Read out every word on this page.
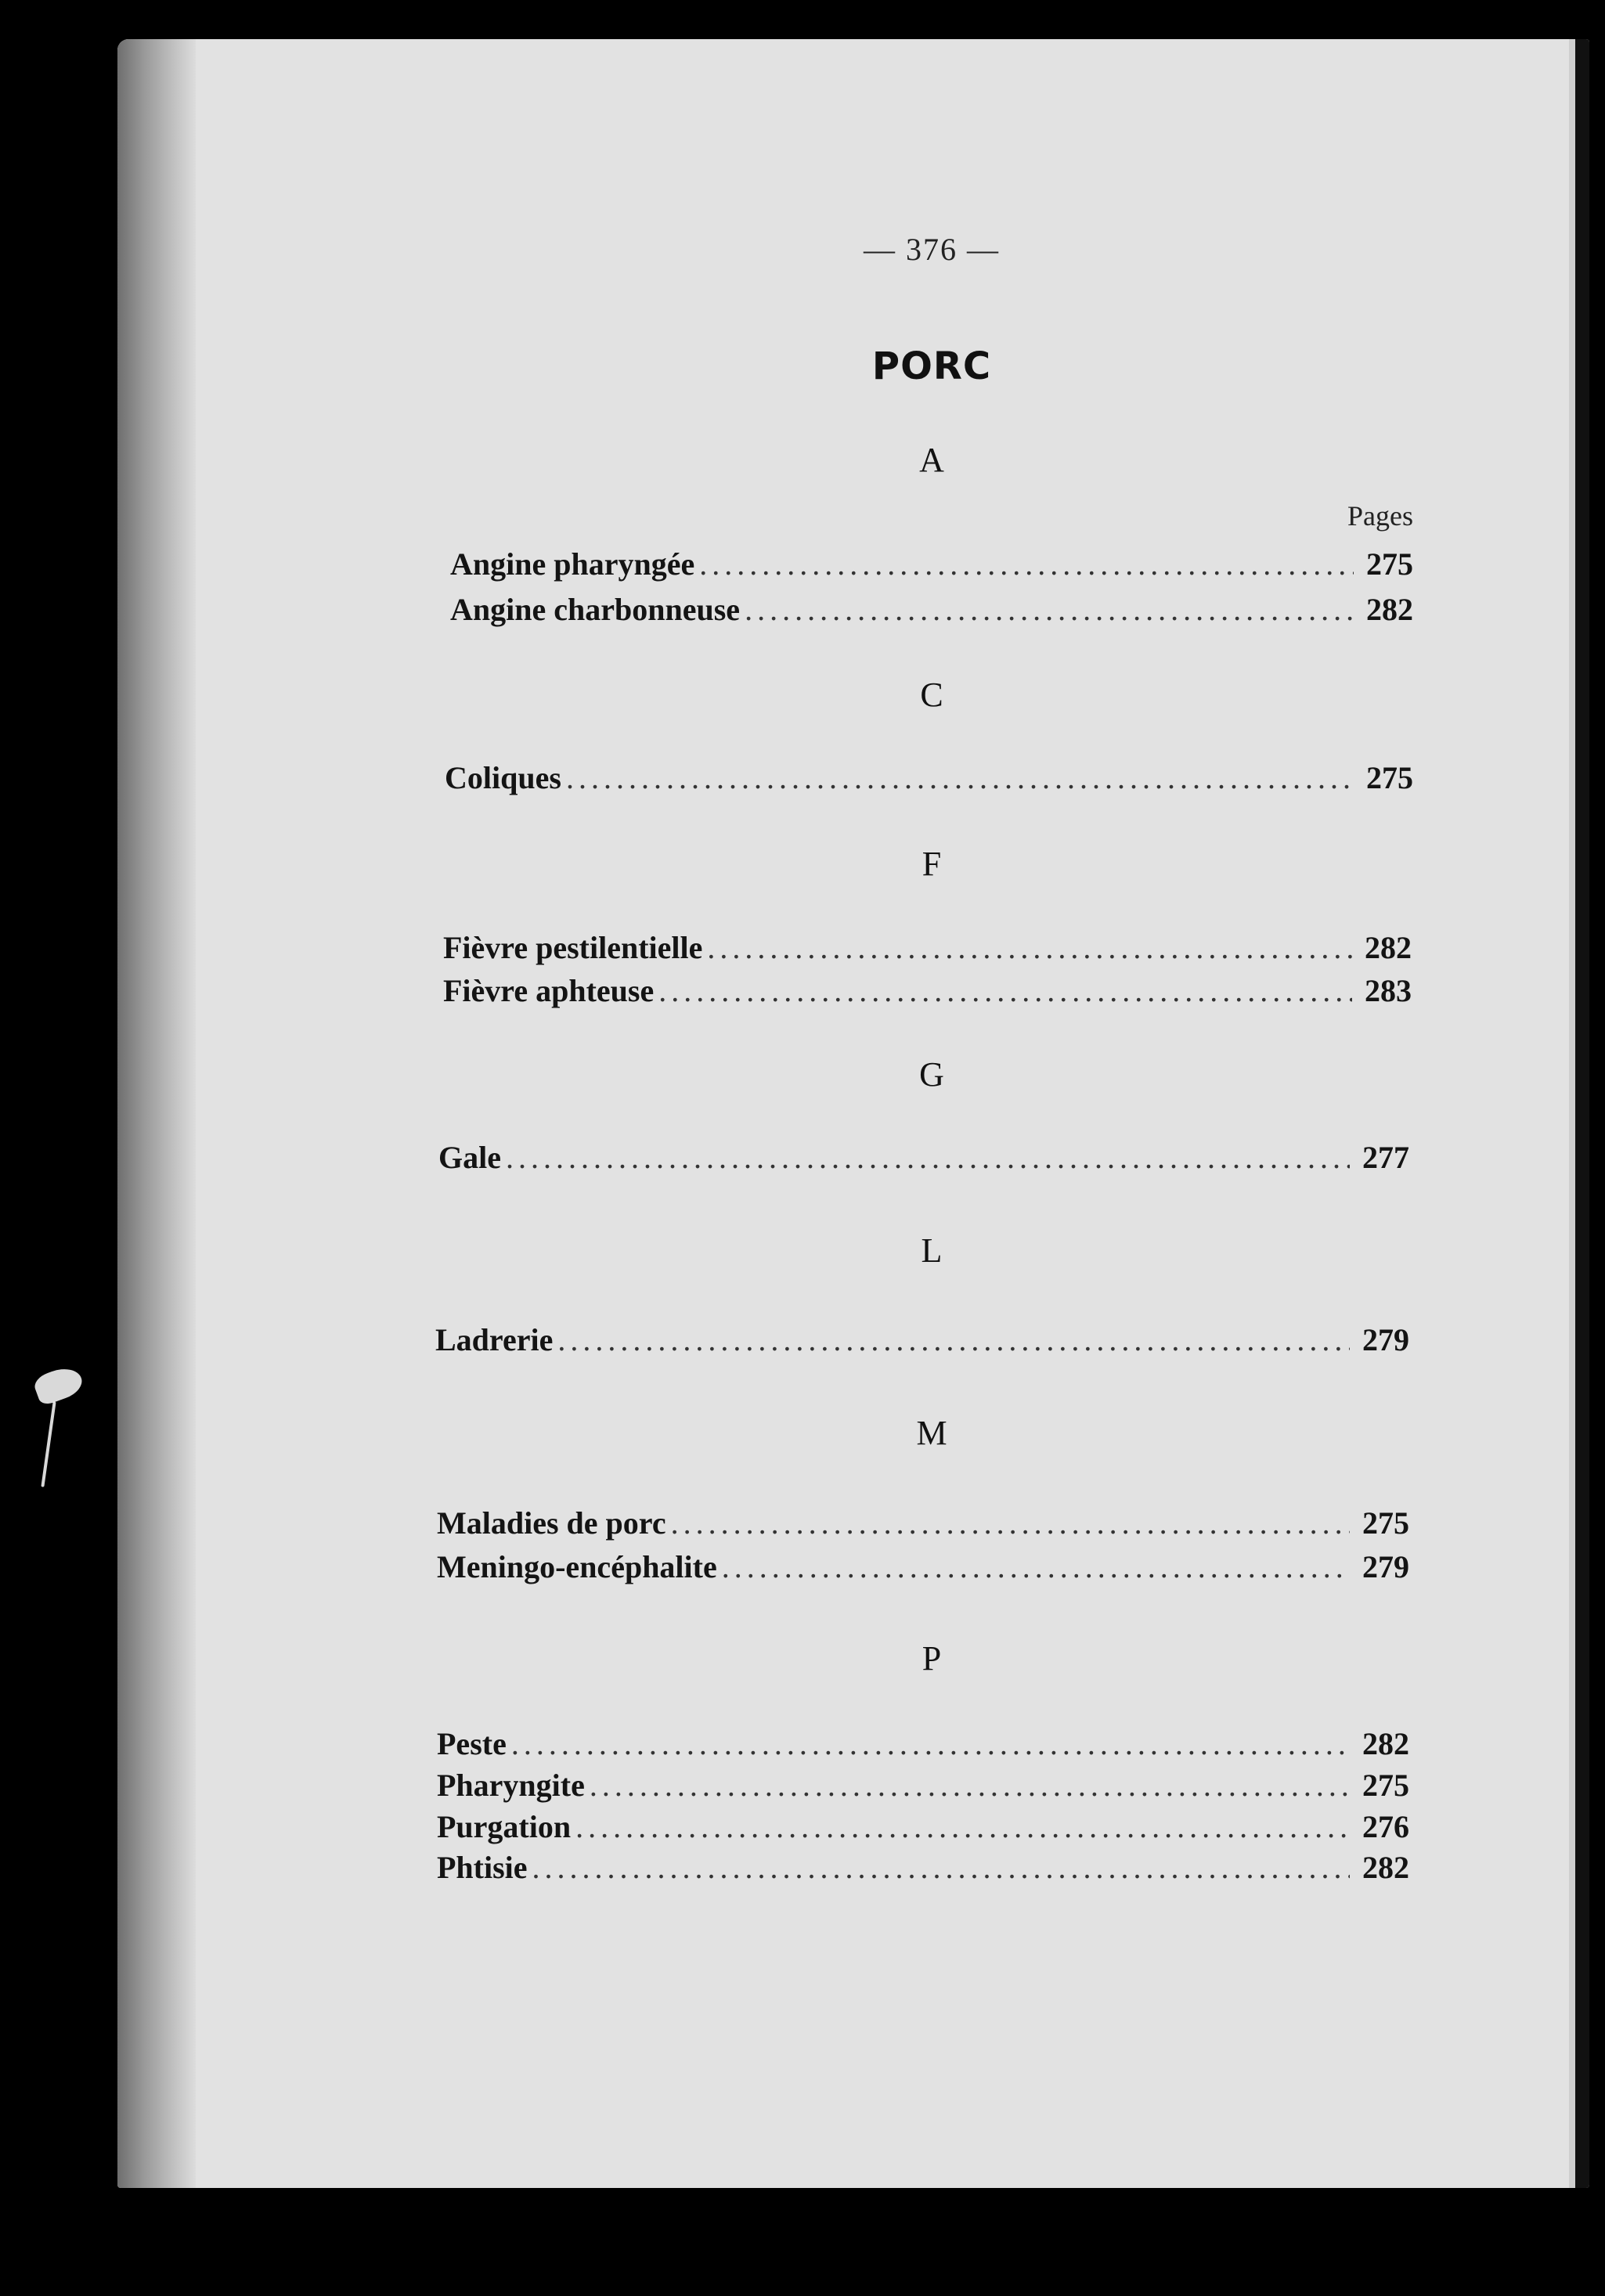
— 376 —
PORC
Pages
A
Angine pharyngée .....	275
Angine charbonneuse .....	282
C
Coliques .....	275
F
Fièvre pestilentielle .....	282
Fièvre aphteuse .....	283
G
Gale .....	277
L
Ladrerie .....	279
M
Maladies de porc .....	275
Meningo-encéphalite .....	279
P
Peste .....	282
Pharyngite .....	275
Purgation .....	276
Phtisie .....	282
